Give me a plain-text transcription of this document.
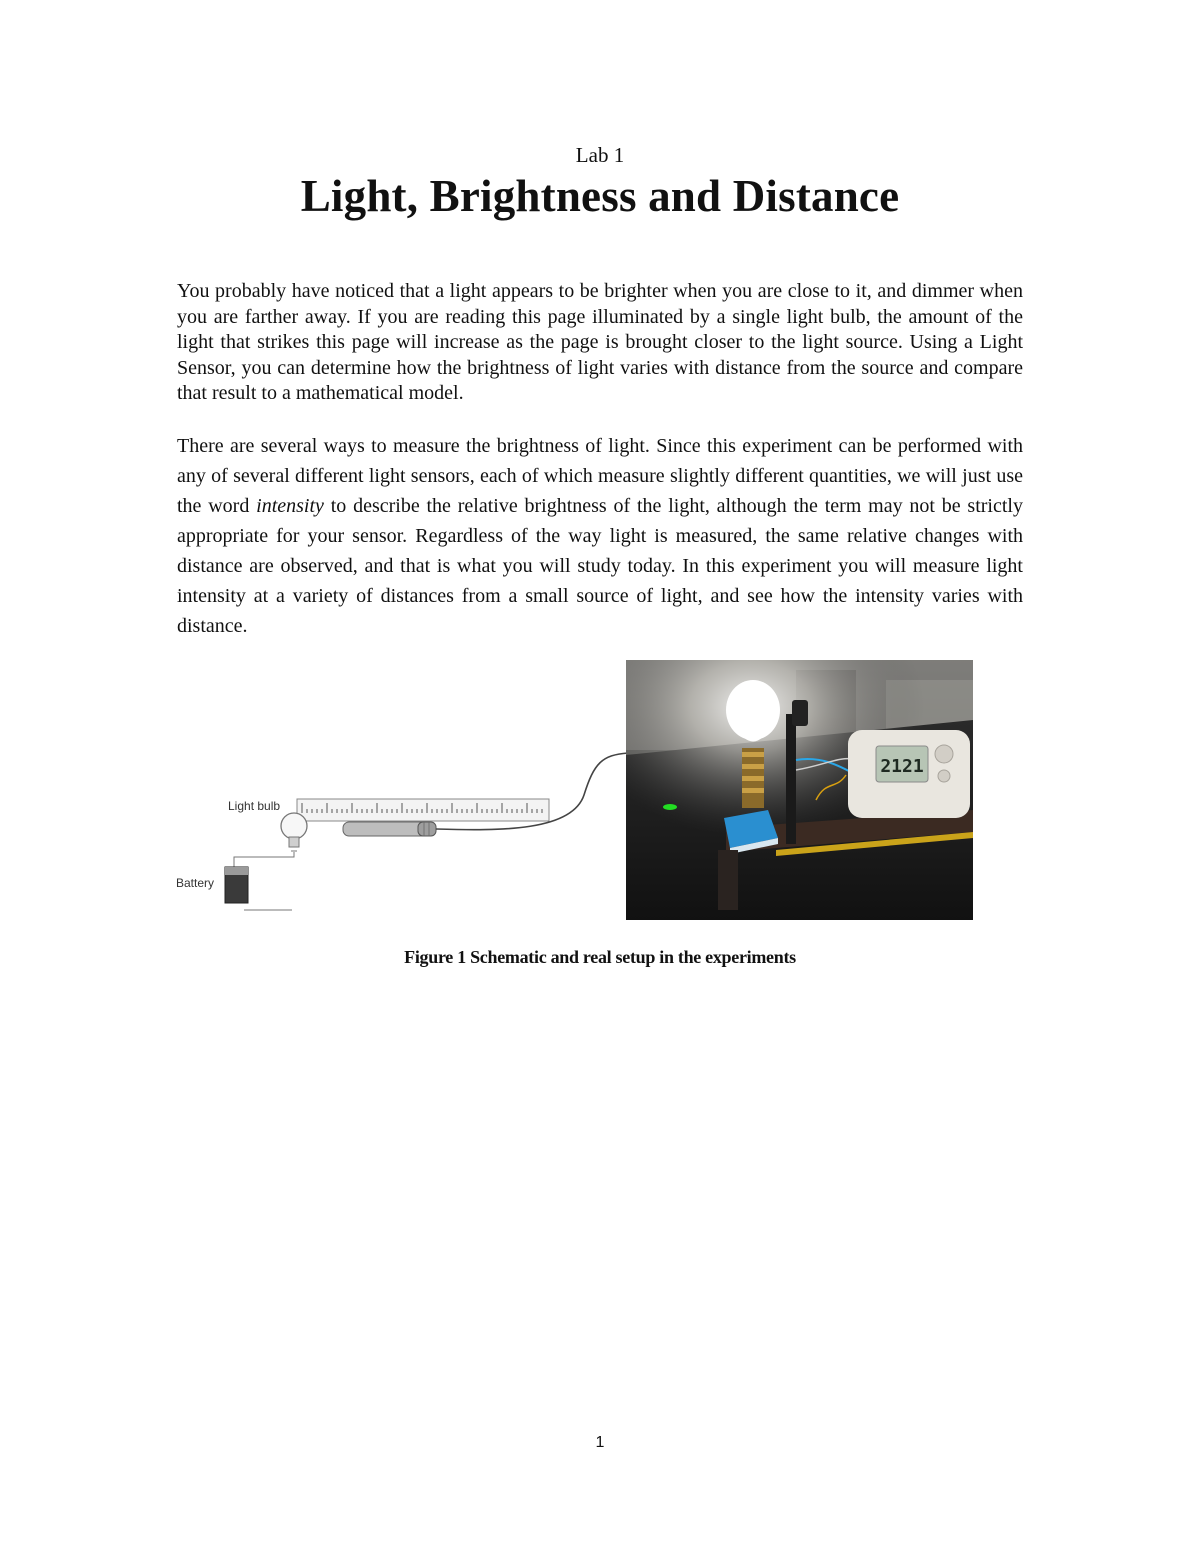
Lab 1
Light, Brightness and Distance

You probably have noticed that a light appears to be brighter when you are close to it, and dimmer when you are farther away. If you are reading this page illuminated by a single light bulb, the amount of the light that strikes this page will increase as the page is brought closer to the light source. Using a Light Sensor, you can determine how the brightness of light varies with distance from the source and compare that result to a mathematical model.

There are several ways to measure the brightness of light. Since this experiment can be performed with any of several different light sensors, each of which measure slightly different quantities, we will just use the word intensity to describe the relative brightness of the light, although the term may not be strictly appropriate for your sensor. Regardless of the way light is measured, the same relative changes with distance are observed, and that is what you will study today. In this experiment you will measure light intensity at a variety of distances from a small source of light, and see how the intensity varies with distance.

Light bulb
Battery
2121
Figure 1 Schematic and real setup in the experiments
1
